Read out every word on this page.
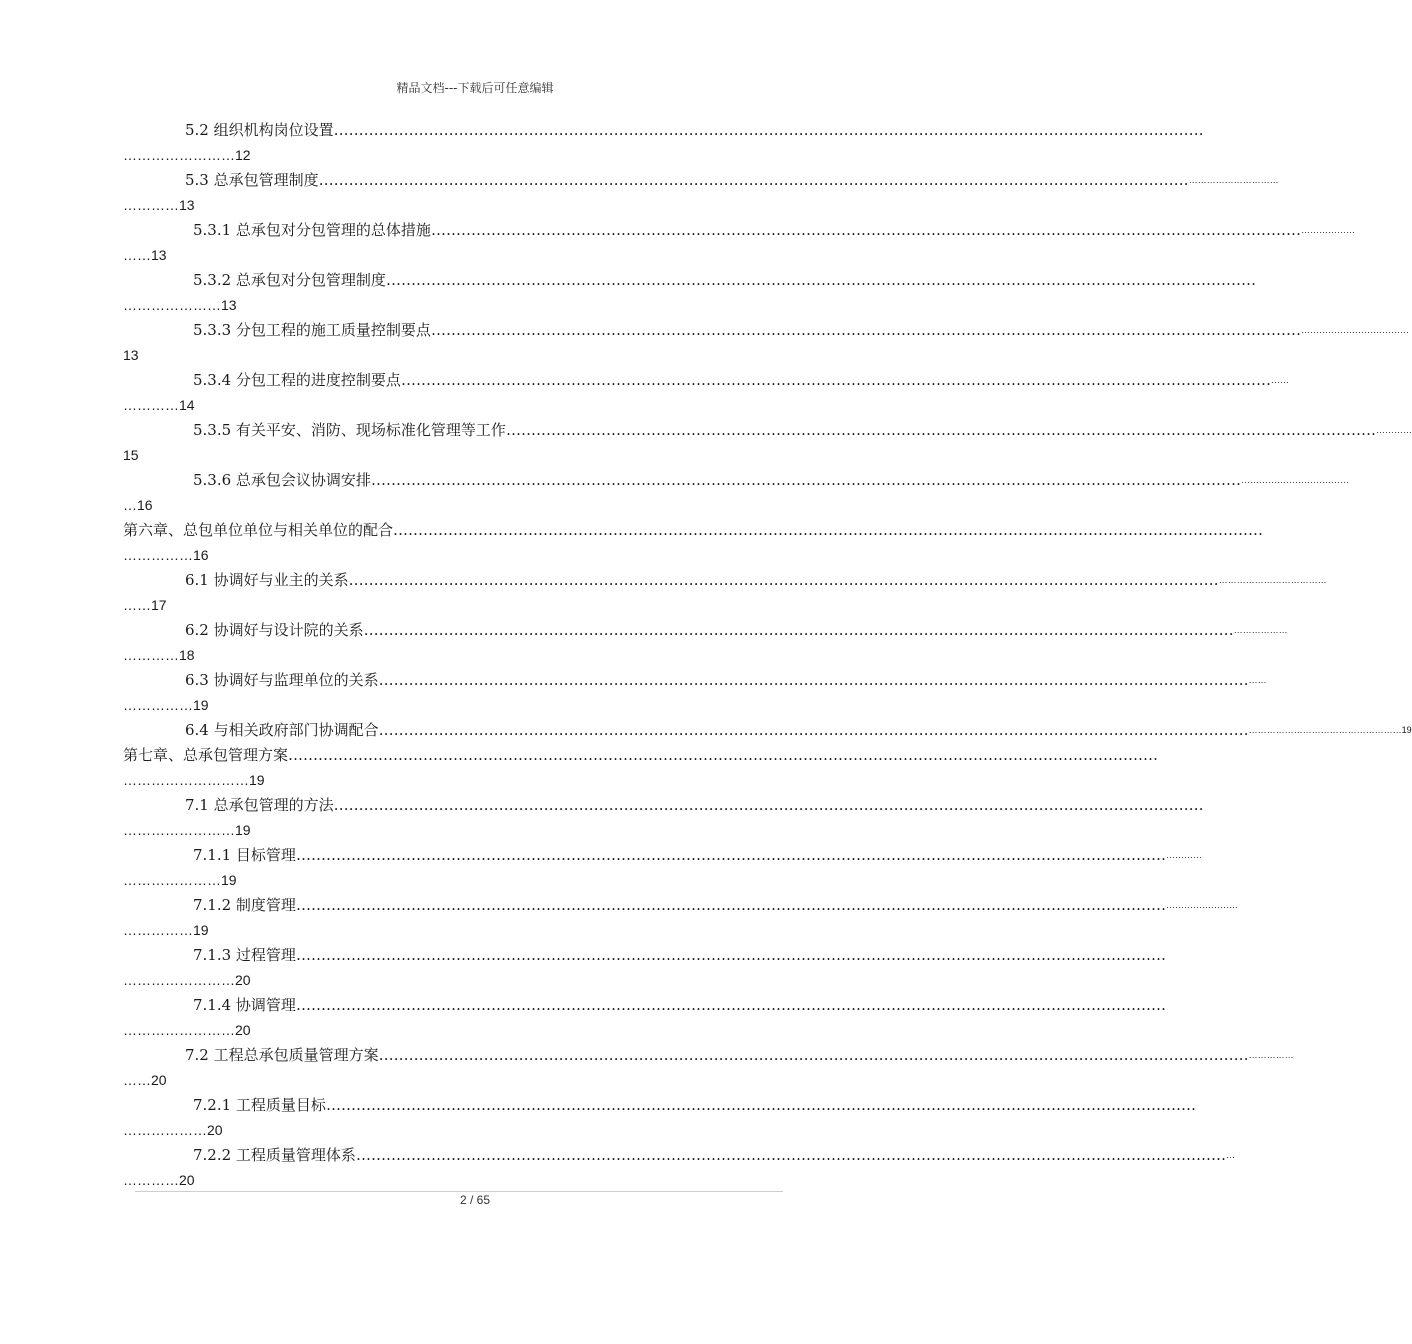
精品文档---下载后可任意编辑
5.2 组织机构岗位设置…………………………………………………………………………………………………………………………………………………………
……………………12
5.3 总承包管理制度 ………………………………………………………………………………………………………………………………………………………… …………………………
…………13
5.3.1 总承包对分包管理的总体措施 ………………………………………………………………………………………………………………………………………………………… ………………
……13
5.3.2 总承包对分包管理制度…………………………………………………………………………………………………………………………………………………………
…………………13
5.3.3 分包工程的施工质量控制要点 ………………………………………………………………………………………………………………………………………………………… ………………………………
13
5.3.4 分包工程的进度控制要点 ………………………………………………………………………………………………………………………………………………………… ……
…………14
5.3.5 有关平安、消防、现场标准化管理等工作 ………………………………………………………………………………………………………………………………………………………… …………
15
5.3.6 总承包会议协调安排 ………………………………………………………………………………………………………………………………………………………… ………………………………
…16
第六章、总包单位单位与相关单位的配合…………………………………………………………………………………………………………………………………………………………
……………16
6.1 协调好与业主的关系 ………………………………………………………………………………………………………………………………………………………… ………………………………
……17
6.2 协调好与设计院的关系 ………………………………………………………………………………………………………………………………………………………… ………………
…………18
6.3 协调好与监理单位的关系 ………………………………………………………………………………………………………………………………………………………… ……
……………19
6.4 与相关政府部门协调配合 ………………………………………………………………………………………………………………………………………………………… ……………………………………………19
第七章、总承包管理方案…………………………………………………………………………………………………………………………………………………………
………………………19
7.1 总承包管理的方法…………………………………………………………………………………………………………………………………………………………
……………………19
7.1.1 目标管理 ………………………………………………………………………………………………………………………………………………………… …………
…………………19
7.1.2 制度管理 ………………………………………………………………………………………………………………………………………………………… ……………………
……………19
7.1.3 过程管理…………………………………………………………………………………………………………………………………………………………
……………………20
7.1.4 协调管理…………………………………………………………………………………………………………………………………………………………
……………………20
7.2 工程总承包质量管理方案 ………………………………………………………………………………………………………………………………………………………… ……………
……20
7.2.1 工程质量目标…………………………………………………………………………………………………………………………………………………………
………………20
7.2.2 工程质量管理体系 ………………………………………………………………………………………………………………………………………………………… …
…………20
2 / 65
